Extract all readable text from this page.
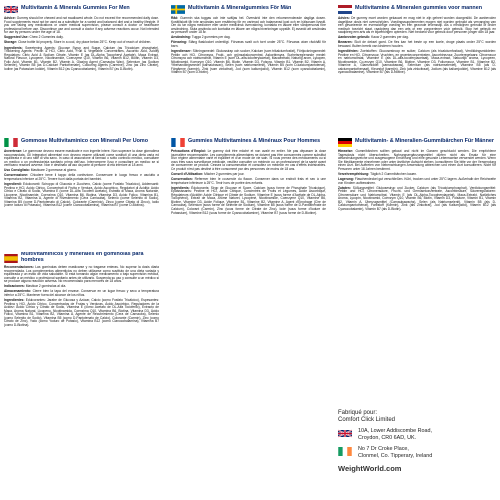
Multivitamin & Minerals Gummies For Men

Advice: Gummy should be chewed and not swallowed whole. Do not exceed the recommended daily dose. Food supplements must not be used as a substitute for a varied and balanced diet and a healthy lifestyle. If you are taking any medications or under medical supervision, please consult a doctor or healthcare professional before use. Discontinue use and consult a doctor if any adverse reactions occur. Not intended for use by persons under the age of 18.

Suggested Use: Chew 2 Gummies daily.

Storage: Close bottle lid properly. Store in a cool, dry place below 25°C. Keep out of reach of children.

Ingredients: Sweetening Agents: Glucose Syrup and Sugar, Calcium (as Tricalcium phosphate), Thickening Agents: Pectin & HCl, Citric Acid, Fruit & Vegetable Concentrates, Ascorbic Acid, Acidity Regulators: Citric Acid & Sodium Citrate, Vitamin E (as DL-Alpha Tocopheryl Acetate), Maca Extract, Natural Flavour, Lycopene, Nicotinamide, Coenzyme Q10, Vitamin B6, Vitamin B12, Biotin, Vitamin D3, Folic Acid, Vitamin B1, Vitamin B2, Vitamin A, Glazing Agent (Carnauba Wax), Selenium (as Sodium Selenite), Vitamin B5 (as D-Calcium Pantothenate), Colouring Agents (Carmine), Zinc (as Zinc Citrate), Iodine (as Potassium Iodide), Vitamin B12 (as Cyanocobalamin), Vitamin B7 (as D-Biotin).

Gommose Multivitaminico con Minerali Per Uomo

Avvertenze: Le gommose devono essere masticate e non ingerite intere. Non superare la dose giornaliera raccomandata. Gli integratori alimentari non devono essere utilizzati come sostituti di una dieta varia ed equilibrata e di uno stile di vita sano. In caso di assunzione di farmaci o sotto controllo medico, consultare un medico o un professionista sanitario prima dell'uso. Interrompere l'uso e consultare un medico se si verificano reazioni avverse. Non è destinato all'uso da parte di persone di età inferiore ai 18 anni.

Uso Consigliato: Masticare 2 gommose al giorno.

Conservazione: Chiudere bene il tappo della confezione. Conservare in luogo fresco e asciutto a temperatura inferiore ai 25°C. Tenere fuori dalla portata dei bambini.

Ingredienti: Edulcoranti: Sciroppo di Glucosio e Zucchero, Calcio (come Fosfato Tricalcico), Addensanti: Pectina e HCl, Acido Citrico, Concentrati di Frutta e Verdura, Acido Ascorbico, Regolatori di Acidità: Acido Citrico e Citrato di Sodio, Vitamina E (come DL-Alfa Tocoferil Acetato), Estratto di Maca, Aroma Naturale, Licopene, Nicotinamide, Coenzima Q10, Vitamina B6, Biotina, Vitamina D3, Acido Folico, Vitamina B1, Vitamina B2, Vitamina A, Agente di Rivestimento (Cera Carnauba), Selenio (come Selenito di Sodio), Vitamina B5 (come D-Pantotenato di Calcio), Colorante (Carminio), Zinco (come Citrato di Zinco), Iodio (come Ioduro di Potassio), Vitamina B12 (come Cianocobalamina), Vitamina B7 (come D-Biotina).

Multivitamínicos y minerales en gominolas para hombres

Recomendaciones: Las gominolas deben masticarse y no tragarse enteras. No superar la dosis diaria recomendada. Los complementos alimenticios no deben utilizarse como sustituto de una dieta variada y equilibrada y un estilo de vida saludable. Si está tomando algún medicamento o bajo supervisión médica, consulte a un médico o profesional sanitario antes de utilizarlo. Suspenda su uso y consulte a un médico si se produce alguna reacción adversa. No recomendado para menores de 18 años.

Indicaciones: Masticar 2 gominolas al día.

Almacenamiento: Cierre bien la tapa del envase. Conservar en un lugar fresco y seco a temperatura inferior a 25°C. Mantener fuera del alcance de los niños.

Ingredientes: Edulcorantes: Jarabe de Glucosa y Azúcar, Calcio (como Fosfato Tricálcico), Espesantes: Pectina y HCl, Ácido Cítrico, Concentrados de Frutas y Verduras, Ácido Ascórbico, Reguladores de la Acidez: Ácido Cítrico y Citrato de Sodio, Vitamina E (como Acetato de DL-Alfa Tocoferilo), Extracto de Maca, Aroma Natural, Licopeno, Nicotinamida, Coenzima Q10, Vitamina B6, Biotina, Vitamina D3, Ácido Fólico, Vitamina B1, Vitamina B2, Vitamina A, Agente de Recubrimiento (Cera de Carnauba), Selenio (como Selenito de Sodio), Vitamina B5 (como D-Pantotenato de Calcio), Colorante (Carmín), Zinc (como Citrato de Zinc), Yodo (como Yoduro de Potasio), Vitamina B12 (como Cianocobalamina), Vitamina B7 (como D-Biotina).

Multivitamin & Mineralgummies För Män

Råd: Gummin ska tuggas och inte sväljas hel. Överskrid inte den rekommenderade dagliga dosen. Kosttillskott får inte användas som ersättning för en varierad och balanserad kost och en hälsosam livsstil. Om du tar några mediciner eller under medicinsk övervakning, kontakta en läkare eller vårdpersonal före användning. Sluta använda och kontakta en läkare om några biverkningar uppstår. Ej avsedd att användas av personer under 18 år.

Användning: Tugga 2 gummies per dag.

Förvaring: Stäng flasklocket ordentligt. Förvaras svalt och torrt under 25°C. Förvaras utom räckhåll för barn.

Ingredienser: Sötningsmedel: Glukossirap och socker, Kalcium (som trikalciumfosfat), Förtjockningsmedel: Pektin och HCl, Citronsyra, Frukt- och grönsakskoncentrat, Askorbinsyra, Surhetsreglerande medel: Citronsyra och natriumcitrat, Vitamin E (som DL-alfa-tokoferylacetat), Macaextrakt, Naturlig arom, Lykopen, Nikotinamid, Koenzym Q10, Vitamin B6, Biotin, Vitamin D3, Folsyra, Vitamin B1, Vitamin B2, Vitamin A, Ytbehandlingsmedel (karnaubavax), Selen (som natriumselenit), Vitamin B5 (som D-kalciumpantotenat), Färgämne (karmin), Zink (som zinkcitrat), Jod (som kaliumjodid), Vitamin B12 (som cyanokobalamin), Vitamin B7 (som D-biotin).

Gummies Multivitamines & Minéraux Pour Hommes

Précautions d'Emploi: Le gummy doit être mâché et non avalé en entier. Ne pas dépasser la dose journalière recommandée. Les compléments alimentaires ne doivent pas être consommés comme substitut d'un régime alimentaire varié et équilibré et d'un mode de vie sain. Si vous prenez des médicaments ou si vous êtes sous surveillance médicale, veuillez consulter un médecin ou un professionnel de la santé avant de consommer ce produit. Cessez la consommation et consultez un médecin en cas d'effets indésirables. Ce produit n'est pas destiné à être consommé par des personnes de moins de 18 ans.

Conseil d'Utilisation: Mâcher 2 gummies par jour.

Conservation: Refermer bien le couvercle du flacon. Conserver dans un endroit frais et sec à une température inférieure à 25°C. Tenir hors de portée des enfants.

Ingrédients: Édulcorants: Sirop de Glucose et Sucre, Calcium (sous forme de Phosphate Tricalcique), Épaississants: Pectine et HCl, Acide Citrique, Concentrés de Fruits et Légumes, Acide Ascorbique, Régulateurs d'Acidité: Acide Citrique et Citrate de Sodium, Vitamine E (sous forme d'Acétate de DL-Alpha-Tocophérol), Extrait de Maca, Arôme Naturel, Lycopène, Nicotinamide, Coenzyme Q10, Vitamine B6, Biotine, Vitamine D3, Acide Folique, Vitamine B1, Vitamine B2, Vitamine A, Agent d'Enrobage (Cire de Carnauba), Sélénium (sous forme de Sélénite de Sodium), Vitamine B5 (sous forme de D-Pantothénate de Calcium), Colorant (Carmin), Zinc (sous forme de Citrate de Zinc), Iode (sous forme d'Iodure de Potassium), Vitamine B12 (sous forme de Cyanocobalamine), Vitamine B7 (sous forme de D-Biotine).

Multivitamine & Mineralen gummies voor mannen

Advies: De gummy moet worden gekauwd en mag niet in zijn geheel worden doorgeslikt. De aanbevolen dagelijkse dosis niet overschrijden. Voedingssupplementen mogen niet worden gebruikt als vervanging van een gevarieerde en evenwichtige voeding en een gezonde levensstijl. Als u medicijnen gebruikt of onder medisch toezicht staat, raadpleeg dan een arts of een zorgverlener vóór gebruik. Stop het gebruik en raadpleeg een arts als er bijwerkingen optreden. Niet bedoeld voor gebruik door personen jonger dan 18 jaar.

Aanbevolen gebruik: Kauw 2 gummies per dag.

Bewaren: Sluit de deksel goed. De fles kan het beste op een koele, droge plaats onder 25°C worden bewaard. Buiten bereik van kinderen houden.

Ingrediënten: Zoetstoffen: Glucosestroop en suiker, Calcium (als tricalciumfosfaat), Verdikkingsmiddelen: Pectine en HCl, Citroenzuur, Vruchten- en groenteconcentraten, Ascorbinezuur, Zuurteregelaars: Citroenzuur en natriumcitraat, Vitamine E (als DL-alfa-tocoferylacetaat), Maca-extract, Natuurlijk aroma, Lycopeen, Nicotinamide, Co-enzym Q10, Vitamine B6, Biotine, Vitamine D3, Foliumzuur, Vitamine B1, Vitamine B2, Vitamine A, Glansmiddel (carnaubawas), Selenium (als natriumseleniet), Vitamine B5 (als D-calciumpantothenaat), Kleurstof (karmijn), Zink (als zinkcitraat), Jodium (als kaliumjodide), Vitamine B12 (als cyanocobalamine), Vitamine B7 (als D-biotine).

Multivitamin- & Mineralien-Gummibärchen Für Männer

Hinweise: Gummibärchen sollten gekaut und nicht im Ganzen geschluckt werden. Die empfohlene Tagesdosis nicht überschreiten. Nahrungsergänzungsmittel dürfen nicht als Ersatz für eine abwechslungsreiche und ausgewogene Ernährung und eine gesunde Lebensweise verwendet werden. Wenn Sie Medikamente einnehmen oder unter ärztlicher Aufsicht stehen, konsultieren Sie bitte vor der Verwendung einen Arzt. Bei Auftreten von Nebenwirkungen Anwendung abbrechen und einen Arzt konsultieren. Nicht für Personen unter 18 Jahren bestimmt.

Verzehrempfehlung: Täglich 2 Gummibärchen kauen.

Lagerung: Flaschendeckel gut verschließen. Kühl, trocken und unter 25°C lagern. Außerhalb der Reichweite von Kindern aufbewahren.

Zutaten: Süßungsmittel: Glukosesirup und Zucker, Calcium (als Tricalciumphosphat), Verdickungsmittel: Pektin und HCl, Citronensäure, Frucht- und Gemüsekonzentrate, Ascorbinsäure, Säureregulatoren: Citronensäure und Natriumcitrat, Vitamin E (als DL-Alpha-Tocopherylacetat), Maca-Extrakt, Natürliches Aroma, Lycopin, Nicotinamid, Coenzym Q10, Vitamin B6, Biotin, Vitamin D3, Folsäure, Vitamin B1, Vitamin B2, Vitamin A, Überzugsmittel (Carnaubawachs), Selen (als Natriumselenit), Vitamin B5 (als D-Calciumpantothenat), Farbstoff (Karmin), Zink (als Zinkcitrat), Jod (als Kaliumjodid), Vitamin B12 (als Cyanocobalamin), Vitamin B7 (als D-Biotin).

Fabriqué pour:
Comfort Click Limited
10A, Lower Addiscombe Road,
Croydon, CR0 6AD, UK.
No 7 Dr Croke Place,
Clonmel, Co. Tipperary, Ireland
WeightWorld.com
